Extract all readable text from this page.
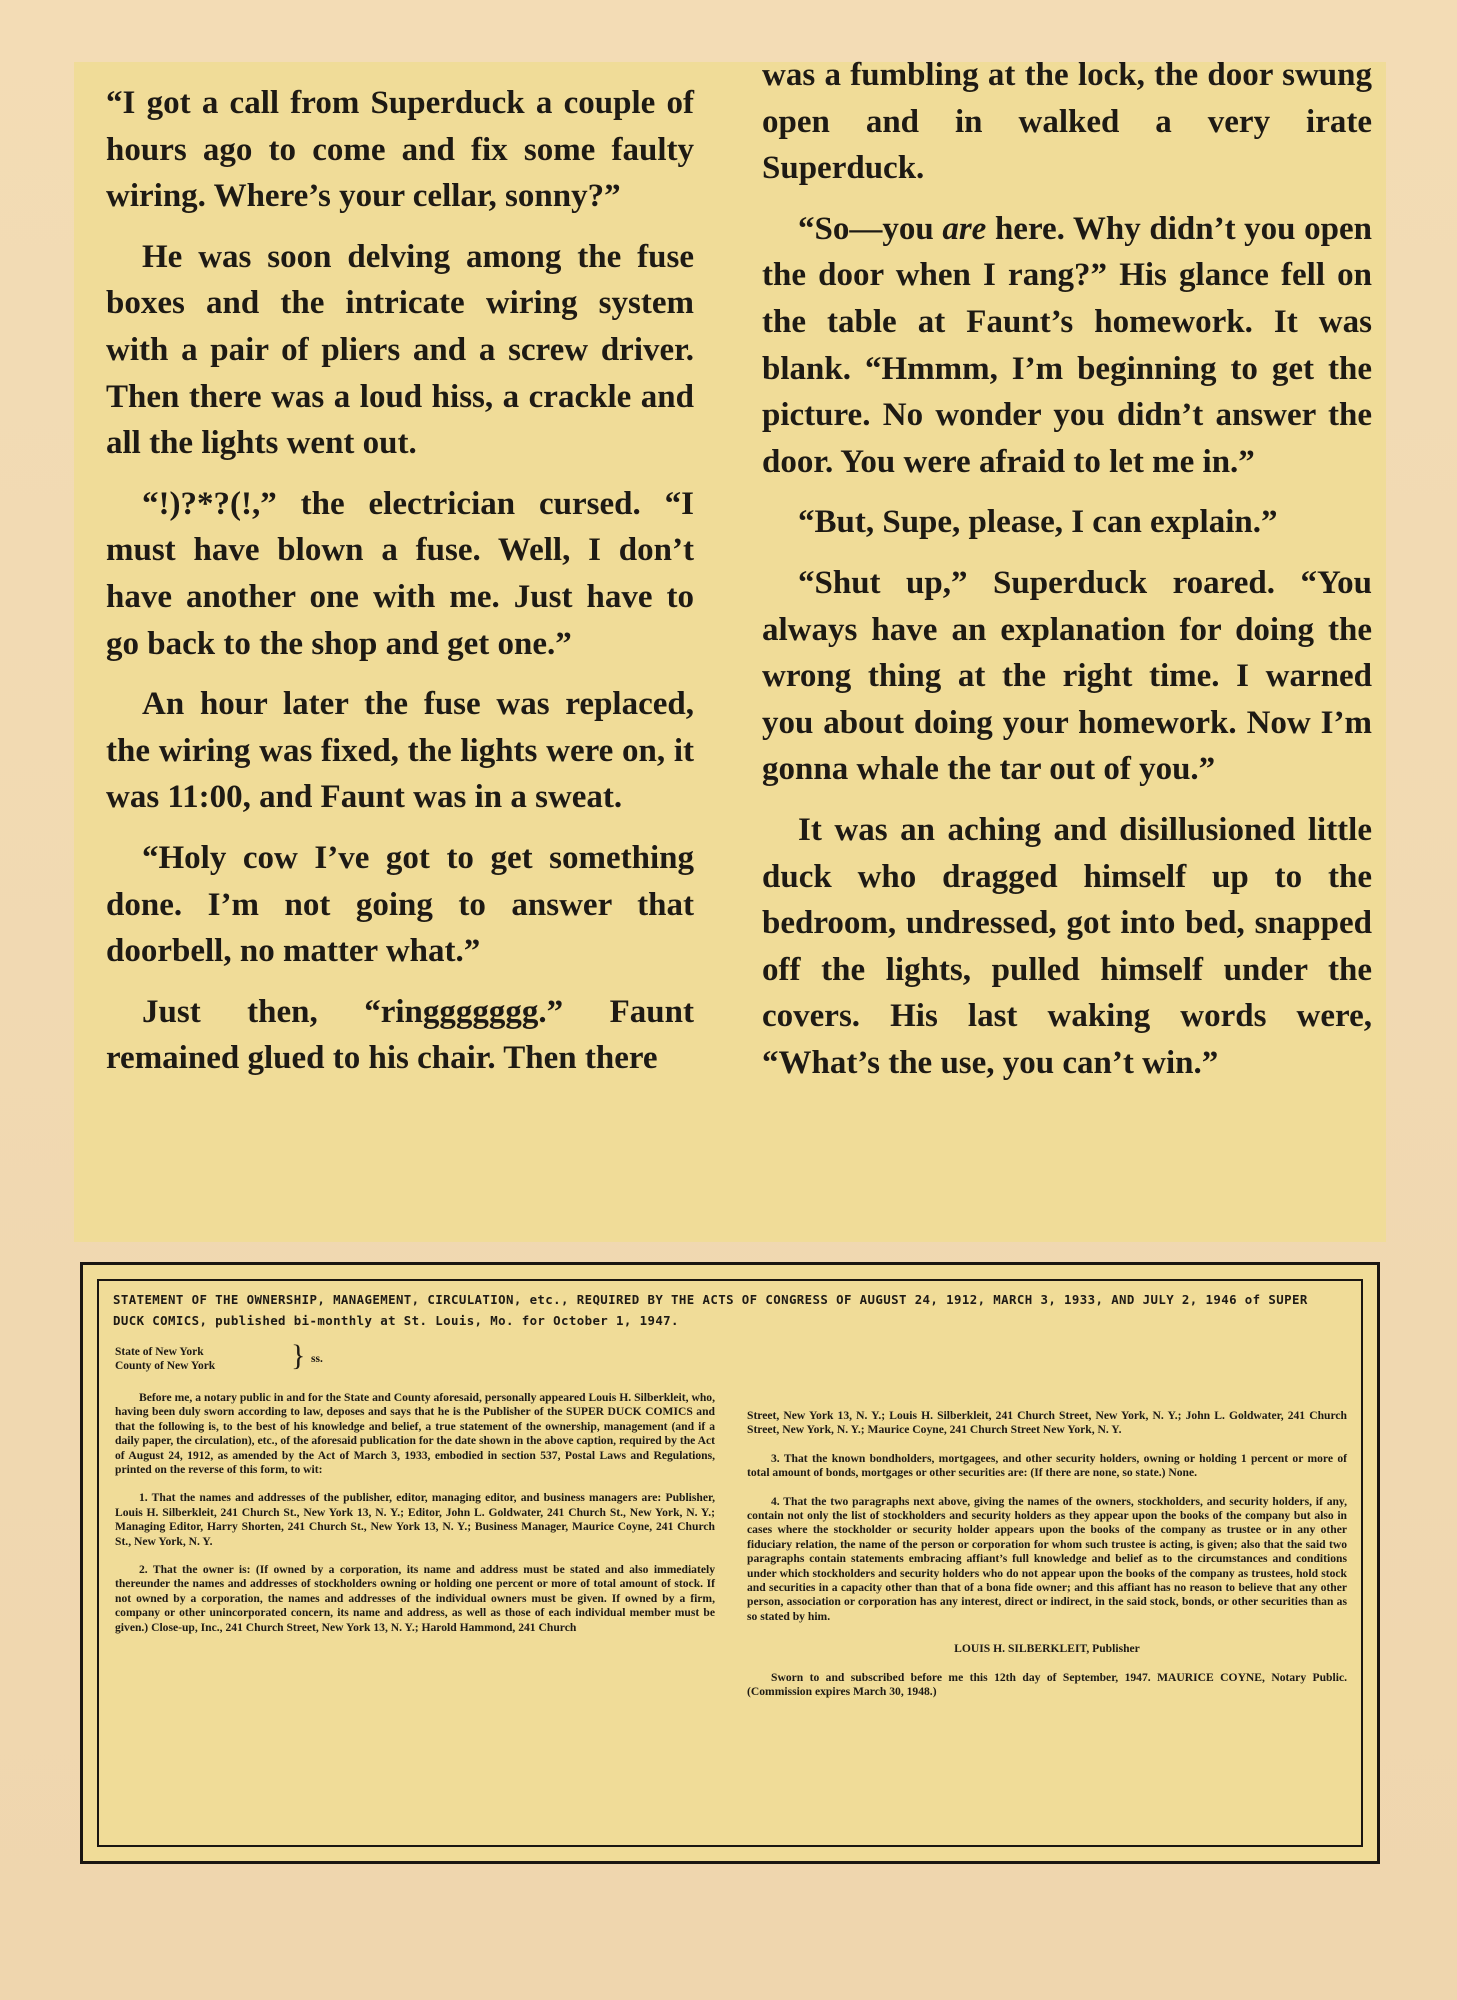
“I got a call from Superduck a couple of hours ago to come and fix some faulty wiring. Where’s your cellar, sonny?”

He was soon delving among the fuse boxes and the intricate wiring system with a pair of pliers and a screw driver. Then there was a loud hiss, a crackle and all the lights went out.

“!)?*?(!,” the electrician cursed. “I must have blown a fuse. Well, I don’t have another one with me. Just have to go back to the shop and get one.”

An hour later the fuse was replaced, the wiring was fixed, the lights were on, it was 11:00, and Faunt was in a sweat.

“Holy cow I’ve got to get something done. I’m not going to answer that doorbell, no matter what.”

Just then, “ringgggggg.” Faunt remained glued to his chair. Then there

was a fumbling at the lock, the door swung open and in walked a very irate Superduck.

“So—you are here. Why didn’t you open the door when I rang?” His glance fell on the table at Faunt’s homework. It was blank. “Hmmm, I’m beginning to get the picture. No wonder you didn’t answer the door. You were afraid to let me in.”

“But, Supe, please, I can explain.”

“Shut up,” Superduck roared. “You always have an explanation for doing the wrong thing at the right time. I warned you about doing your homework. Now I’m gonna whale the tar out of you.”

It was an aching and disillusioned little duck who dragged himself up to the bedroom, undressed, got into bed, snapped off the lights, pulled himself under the covers. His last waking words were, “What’s the use, you can’t win.”

STATEMENT OF THE OWNERSHIP, MANAGEMENT, CIRCULATION, etc., REQUIRED BY THE ACTS OF CONGRESS OF AUGUST 24, 1912, MARCH 3, 1933, AND JULY 2, 1946 of SUPER DUCK COMICS, published bi-monthly at St. Louis, Mo. for October 1, 1947.
State of New York
County of New York	} ss.

Before me, a notary public in and for the State and County aforesaid, personally appeared Louis H. Silberkleit, who, having been duly sworn according to law, deposes and says that he is the Publisher of the SUPER DUCK COMICS and that the following is, to the best of his knowledge and belief, a true statement of the ownership, management (and if a daily paper, the circulation), etc., of the aforesaid publication for the date shown in the above caption, required by the Act of August 24, 1912, as amended by the Act of March 3, 1933, embodied in section 537, Postal Laws and Regulations, printed on the reverse of this form, to wit:

1. That the names and addresses of the publisher, editor, managing editor, and business managers are: Publisher, Louis H. Silberkleit, 241 Church St., New York 13, N. Y.; Editor, John L. Goldwater, 241 Church St., New York, N. Y.; Managing Editor, Harry Shorten, 241 Church St., New York 13, N. Y.; Business Manager, Maurice Coyne, 241 Church St., New York, N. Y.

2. That the owner is: (If owned by a corporation, its name and address must be stated and also immediately thereunder the names and addresses of stockholders owning or holding one percent or more of total amount of stock. If not owned by a corporation, the names and addresses of the individual owners must be given. If owned by a firm, company or other unincorporated concern, its name and address, as well as those of each individual member must be given.) Close-up, Inc., 241 Church Street, New York 13, N. Y.; Harold Hammond, 241 Church

Street, New York 13, N. Y.; Louis H. Silberkleit, 241 Church Street, New York, N. Y.; John L. Goldwater, 241 Church Street, New York, N. Y.; Maurice Coyne, 241 Church Street New York, N. Y.

3. That the known bondholders, mortgagees, and other security holders, owning or holding 1 percent or more of total amount of bonds, mortgages or other securities are: (If there are none, so state.) None.

4. That the two paragraphs next above, giving the names of the owners, stockholders, and security holders, if any, contain not only the list of stockholders and security holders as they appear upon the books of the company but also in cases where the stockholder or security holder appears upon the books of the company as trustee or in any other fiduciary relation, the name of the person or corporation for whom such trustee is acting, is given; also that the said two paragraphs contain statements embracing affiant’s full knowledge and belief as to the circumstances and conditions under which stockholders and security holders who do not appear upon the books of the company as trustees, hold stock and securities in a capacity other than that of a bona fide owner; and this affiant has no reason to believe that any other person, association or corporation has any interest, direct or indirect, in the said stock, bonds, or other securities than as so stated by him.

LOUIS H. SILBERKLEIT, Publisher

Sworn to and subscribed before me this 12th day of September, 1947. MAURICE COYNE, Notary Public. (Commission expires March 30, 1948.)
